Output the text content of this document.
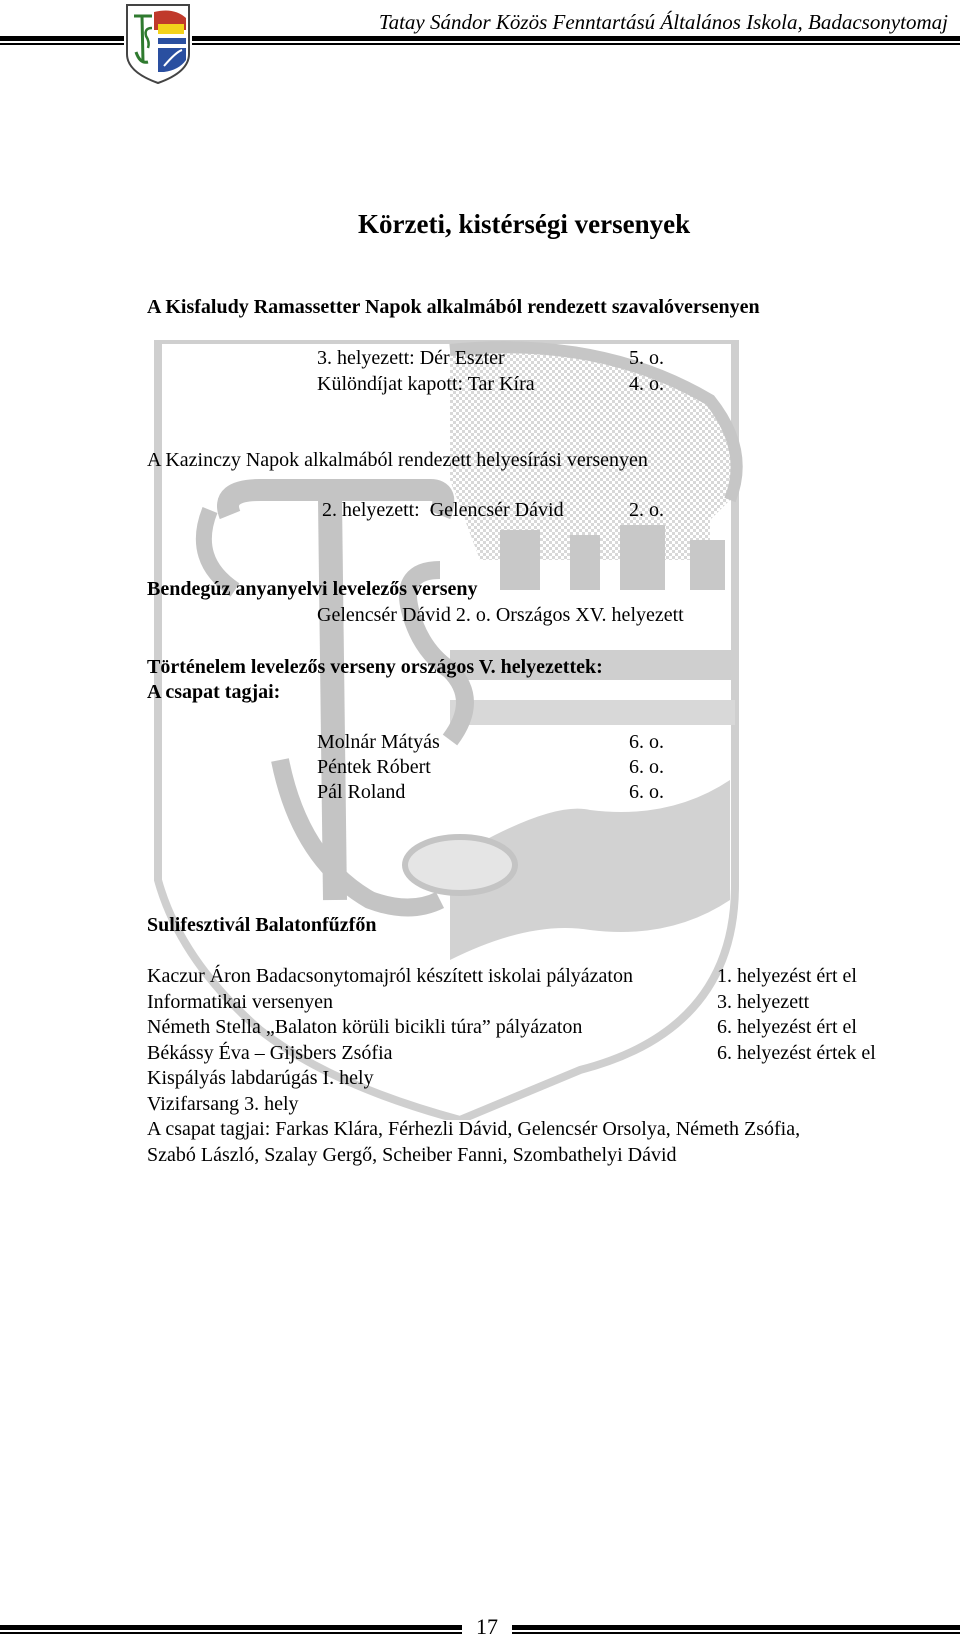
Tatay Sándor Közös Fenntartású Általános Iskola, Badacsonytomaj
Körzeti, kistérségi versenyek
A Kisfaludy Ramassetter Napok alkalmából rendezett szavalóversenyen
3. helyezett: Dér Eszter	5. o.
Különdíjat kapott: Tar Kíra	4. o.
A Kazinczy Napok alkalmából rendezett helyesírási versenyen
2. helyezett:  Gelencsér Dávid	2. o.
Bendegúz anyanyelvi levelezős verseny
Gelencsér Dávid 2. o. Országos XV. helyezett
Történelem levelezős verseny országos V. helyezettek:
A csapat tagjai:
Molnár Mátyás	6. o.
Péntek Róbert	6. o.
Pál Roland	6. o.
Sulifesztivál Balatonfűzfőn
Kaczur Áron Badacsonytomajról készített iskolai pályázaton	1. helyezést ért el
Informatikai versenyen	3. helyezett
Németh Stella „Balaton körüli bicikli túra” pályázaton	6. helyezést ért el
Békássy Éva – Gijsbers Zsófia	6. helyezést értek el
Kispályás labdarúgás I. hely
Vizifarsang 3. hely
A csapat tagjai: Farkas Klára, Férhezli Dávid, Gelencsér Orsolya, Németh Zsófia,
Szabó László, Szalay Gergő, Scheiber Fanni, Szombathelyi Dávid
17
